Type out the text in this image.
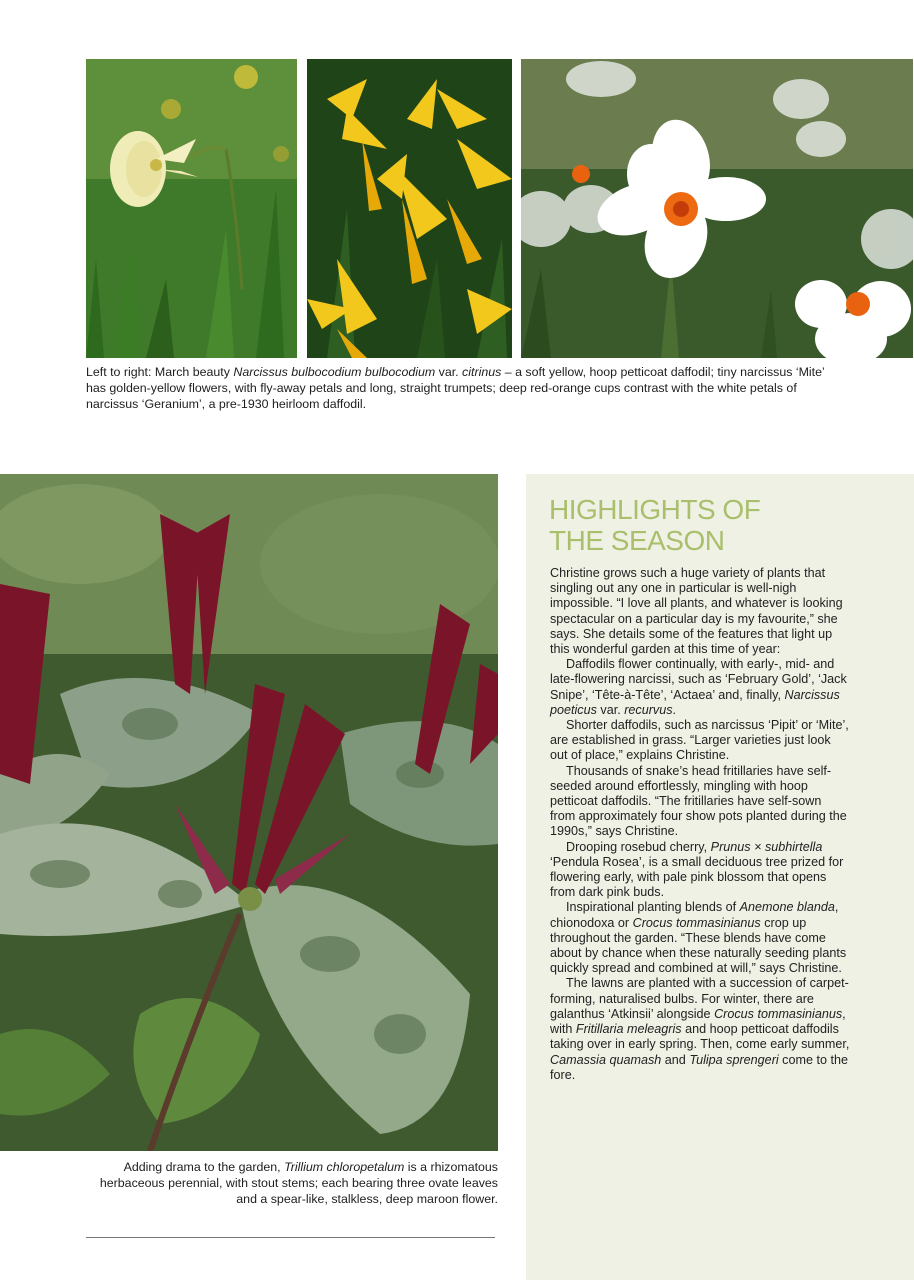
Left to right: March beauty Narcissus bulbocodium bulbocodium var. citrinus – a soft yellow, hoop petticoat daffodil; tiny narcissus ‘Mite’ has golden-yellow flowers, with fly-away petals and long, straight trumpets; deep red-orange cups contrast with the white petals of narcissus ‘Geranium’, a pre-1930 heirloom daffodil.

Adding drama to the garden, Trillium chloropetalum is a rhizomatous herbaceous perennial, with stout stems; each bearing three ovate leaves and a spear-like, stalkless, deep maroon flower.

HIGHLIGHTS OF
THE SEASON

Christine grows such a huge variety of plants that singling out any one in particular is well-nigh impossible. “I love all plants, and whatever is looking spectacular on a particular day is my favourite,” she says. She details some of the features that light up this wonderful garden at this time of year:

Daffodils flower continually, with early-, mid- and late-flowering narcissi, such as ‘February Gold’, ‘Jack Snipe’, ‘Tête-à-Tête’, ‘Actaea’ and, finally, Narcissus poeticus var. recurvus.

Shorter daffodils, such as narcissus ‘Pipit’ or ‘Mite’, are established in grass. “Larger varieties just look out of place,” explains Christine.

Thousands of snake’s head fritillaries have self-seeded around effortlessly, mingling with hoop petticoat daffodils. “The fritillaries have self-sown from approximately four show pots planted during the 1990s,” says Christine.

Drooping rosebud cherry, Prunus × subhirtella ‘Pendula Rosea’, is a small deciduous tree prized for flowering early, with pale pink blossom that opens from dark pink buds.

Inspirational planting blends of Anemone blanda, chionodoxa or Crocus tommasinianus crop up throughout the garden. “These blends have come about by chance when these naturally seeding plants quickly spread and combined at will,” says Christine.

The lawns are planted with a succession of carpet-forming, naturalised bulbs. For winter, there are galanthus ‘Atkinsii’ alongside Crocus tommasinianus, with Fritillaria meleagris and hoop petticoat daffodils taking over in early spring. Then, come early summer, Camassia quamash and Tulipa sprengeri come to the fore.
